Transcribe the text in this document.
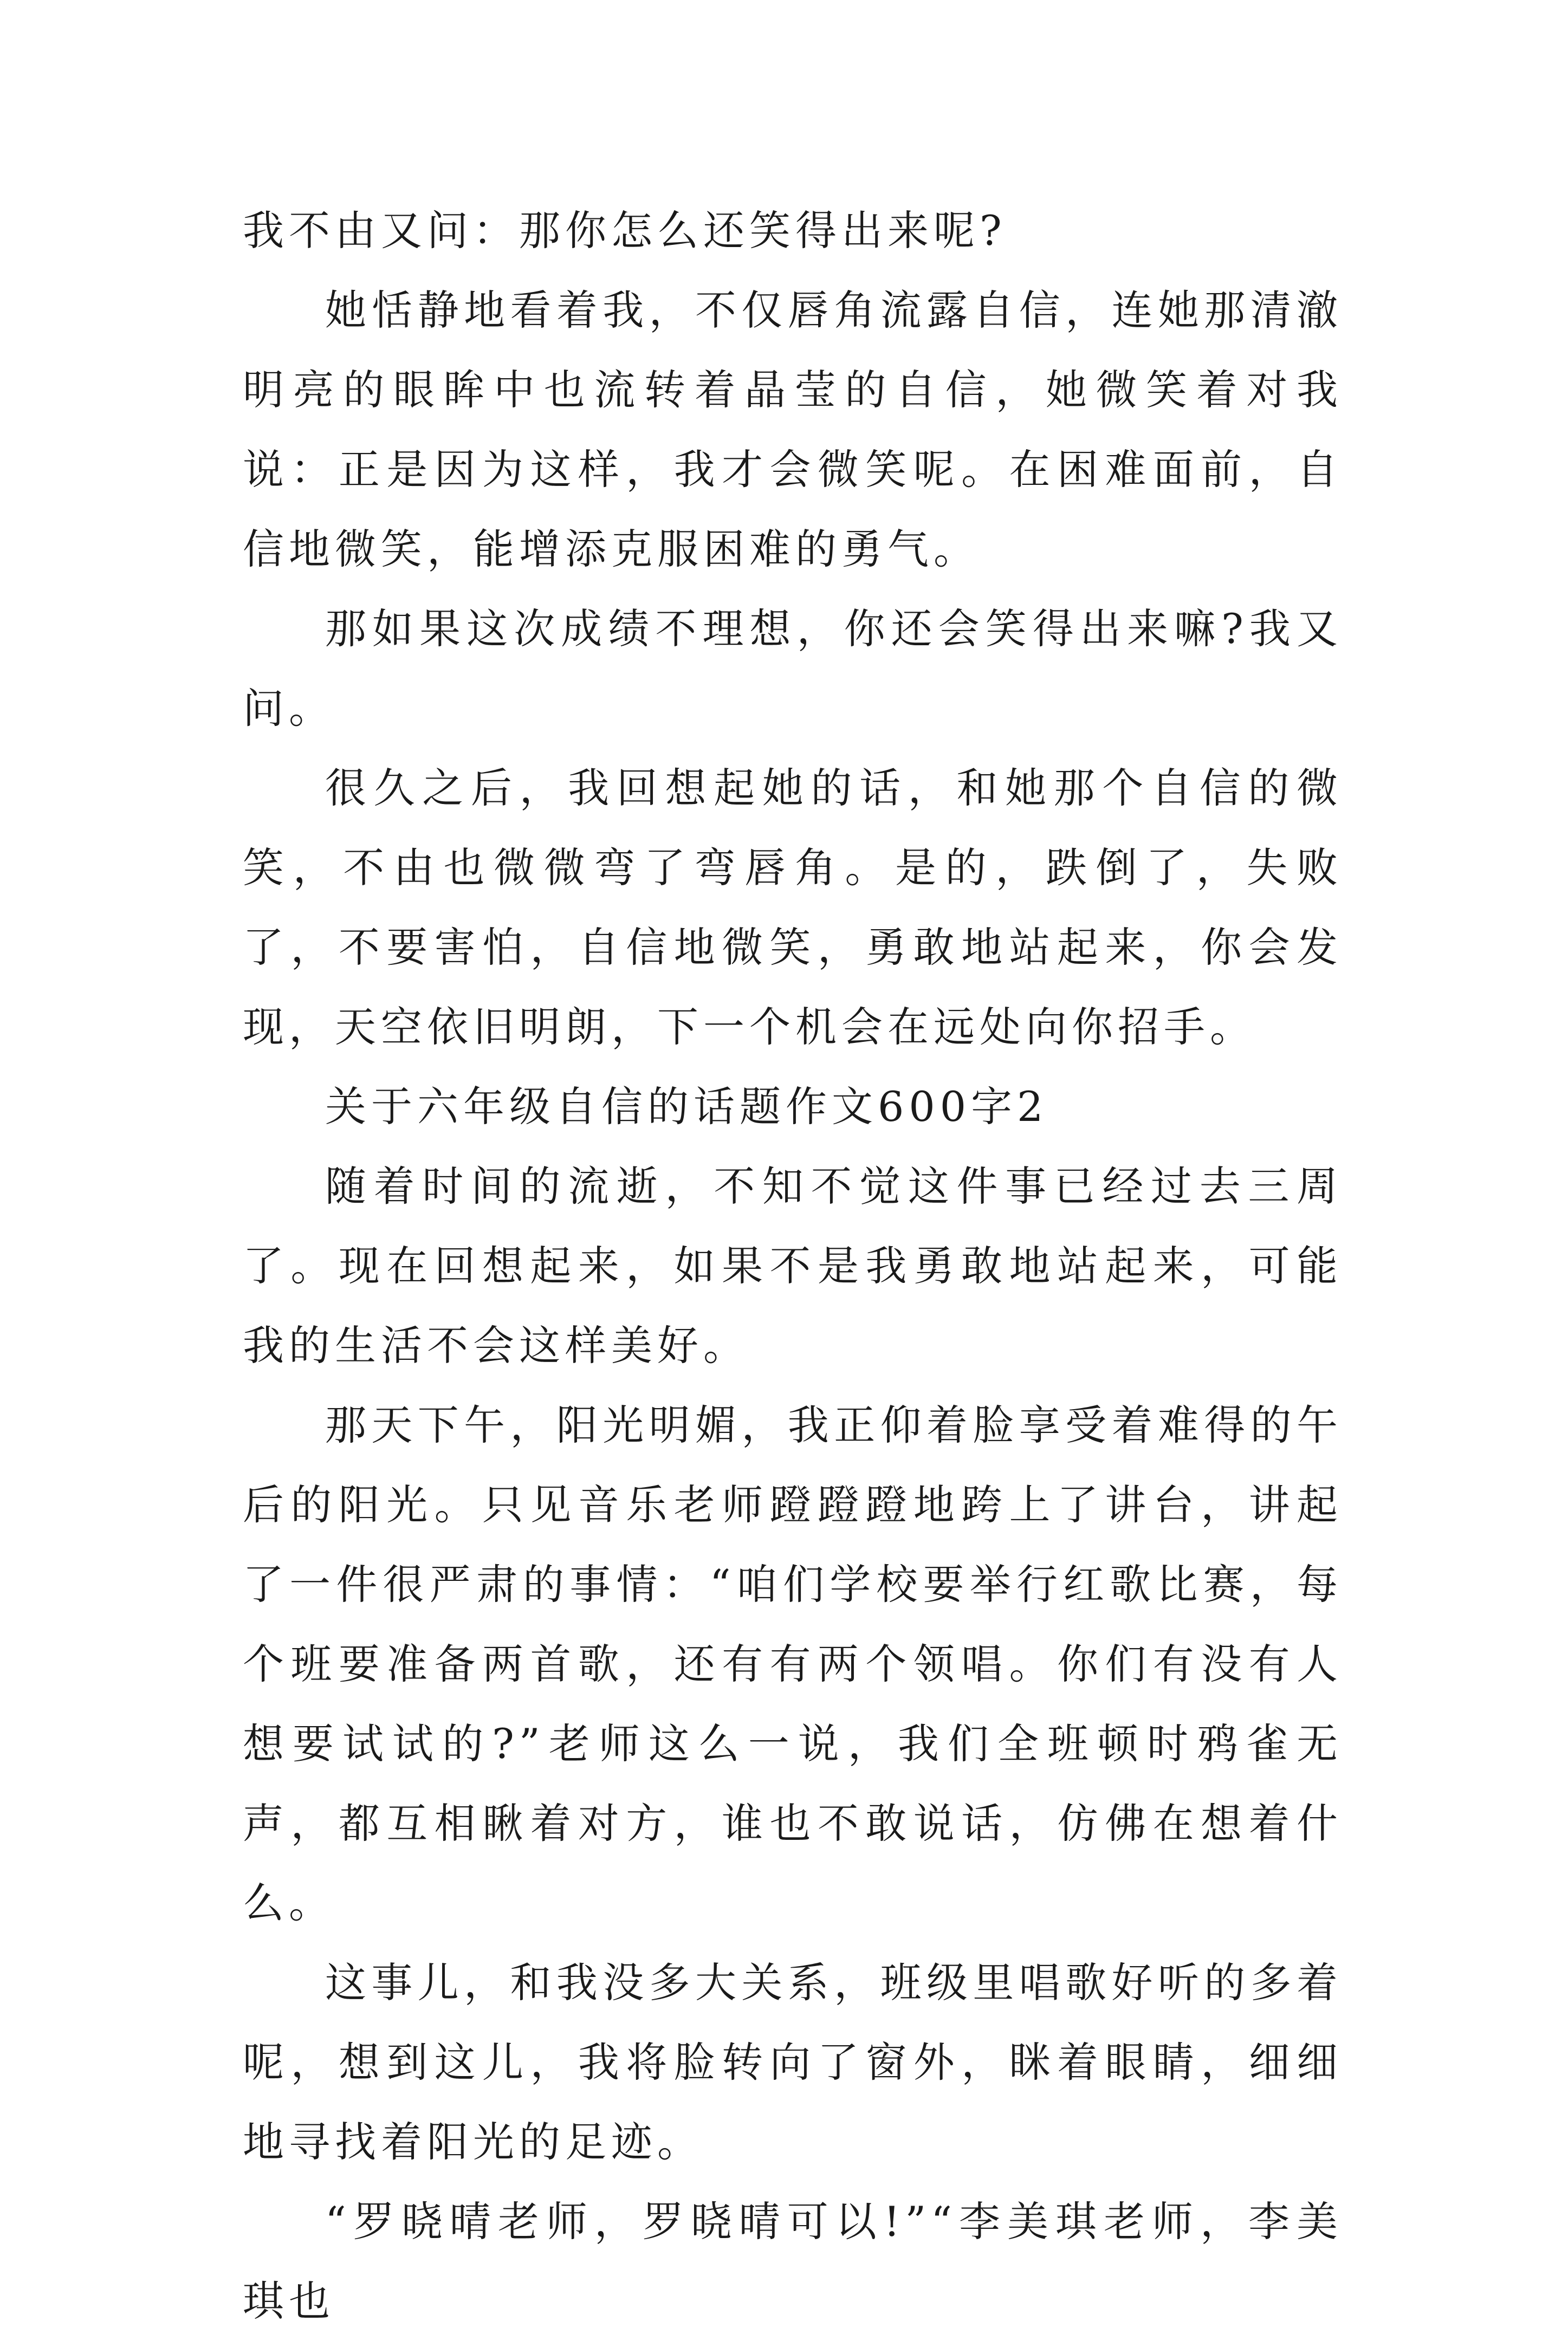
我不由又问：那你怎么还笑得出来呢?

她恬静地看着我，不仅唇角流露自信，连她那清澈明亮的眼眸中也流转着晶莹的自信，她微笑着对我说：正是因为这样，我才会微笑呢。在困难面前，自信地微笑，能增添克服困难的勇气。

那如果这次成绩不理想，你还会笑得出来嘛?我又问。

很久之后，我回想起她的话，和她那个自信的微笑，不由也微微弯了弯唇角。是的，跌倒了，失败了，不要害怕，自信地微笑，勇敢地站起来，你会发现，天空依旧明朗，下一个机会在远处向你招手。

关于六年级自信的话题作文600字2

随着时间的流逝，不知不觉这件事已经过去三周了。现在回想起来，如果不是我勇敢地站起来，可能我的生活不会这样美好。

那天下午，阳光明媚，我正仰着脸享受着难得的午后的阳光。只见音乐老师蹬蹬蹬地跨上了讲台，讲起了一件很严肃的事情：“咱们学校要举行红歌比赛，每个班要准备两首歌，还有有两个领唱。你们有没有人想要试试的?”老师这么一说，我们全班顿时鸦雀无声，都互相瞅着对方，谁也不敢说话，仿佛在想着什么。

这事儿，和我没多大关系，班级里唱歌好听的多着呢，想到这儿，我将脸转向了窗外，眯着眼睛，细细地寻找着阳光的足迹。

“罗晓晴老师，罗晓晴可以!”“李美琪老师，李美琪也
